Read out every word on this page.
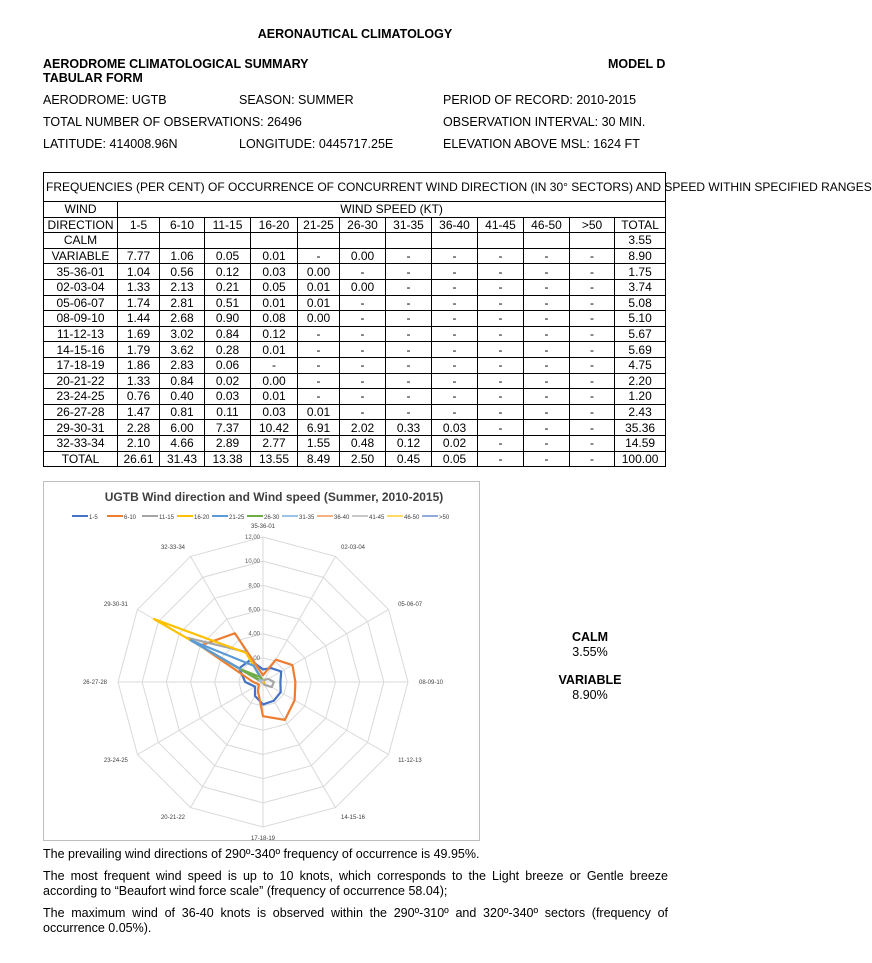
AERONAUTICAL CLIMATOLOGY
AERODROME CLIMATOLOGICAL SUMMARY
TABULAR FORM
MODEL D
AERODROME: UGTB	SEASON: SUMMER	PERIOD OF RECORD: 2010-2015
TOTAL NUMBER OF OBSERVATIONS: 26496	OBSERVATION INTERVAL: 30 MIN.
LATITUDE: 414008.96N	LONGITUDE: 0445717.25E	ELEVATION ABOVE MSL: 1624 FT
FREQUENCIES (PER CENT) OF OCCURRENCE OF CONCURRENT WIND DIRECTION (IN 30° SECTORS) AND SPEED WITHIN SPECIFIED RANGES												
WIND	WIND SPEED (KT)											
DIRECTION	1-5	6-10	11-15	16-20	21-25	26-30	31-35	36-40	41-45	46-50	>50	TOTAL
CALM												3.55
VARIABLE	7.77	1.06	0.05	0.01	-	0.00	-	-	-	-	-	8.90
35-36-01	1.04	0.56	0.12	0.03	0.00	-	-	-	-	-	-	1.75
02-03-04	1.33	2.13	0.21	0.05	0.01	0.00	-	-	-	-	-	3.74
05-06-07	1.74	2.81	0.51	0.01	0.01	-	-	-	-	-	-	5.08
08-09-10	1.44	2.68	0.90	0.08	0.00	-	-	-	-	-	-	5.10
11-12-13	1.69	3.02	0.84	0.12	-	-	-	-	-	-	-	5.67
14-15-16	1.79	3.62	0.28	0.01	-	-	-	-	-	-	-	5.69
17-18-19	1.86	2.83	0.06	-	-	-	-	-	-	-	-	4.75
20-21-22	1.33	0.84	0.02	0.00	-	-	-	-	-	-	-	2.20
23-24-25	0.76	0.40	0.03	0.01	-	-	-	-	-	-	-	1.20
26-27-28	1.47	0.81	0.11	0.03	0.01	-	-	-	-	-	-	2.43
29-30-31	2.28	6.00	7.37	10.42	6.91	2.02	0.33	0.03	-	-	-	35.36
32-33-34	2.10	4.66	2.89	2.77	1.55	0.48	0.12	0.02	-	-	-	14.59
TOTAL	26.61	31.43	13.38	13.55	8.49	2.50	0.45	0.05	-	-	-	100.00
UGTB Wind direction and Wind speed (Summer, 2010-2015)
1-5	6-10	11-15	16-20	21-25	26-30	31-35	36-40	41-45	46-50	>50
2,00
4,00
6,00
8,00
10,00
12,00
35-36-01
02-03-04
05-06-07
08-09-10
11-12-13
14-15-16
17-18-19
20-21-22
23-24-25
26-27-28
29-30-31
32-33-34
CALM
3.55%
VARIABLE
8.90%
The prevailing wind directions of 290º-340º frequency of occurrence is 49.95%.
The most frequent wind speed is up to 10 knots, which corresponds to the Light breeze or Gentle breeze according to “Beaufort wind force scale” (frequency of occurrence 58.04);
The maximum wind of 36-40 knots is observed within the 290º-310º and 320º-340º sectors (frequency of occurrence 0.05%).
